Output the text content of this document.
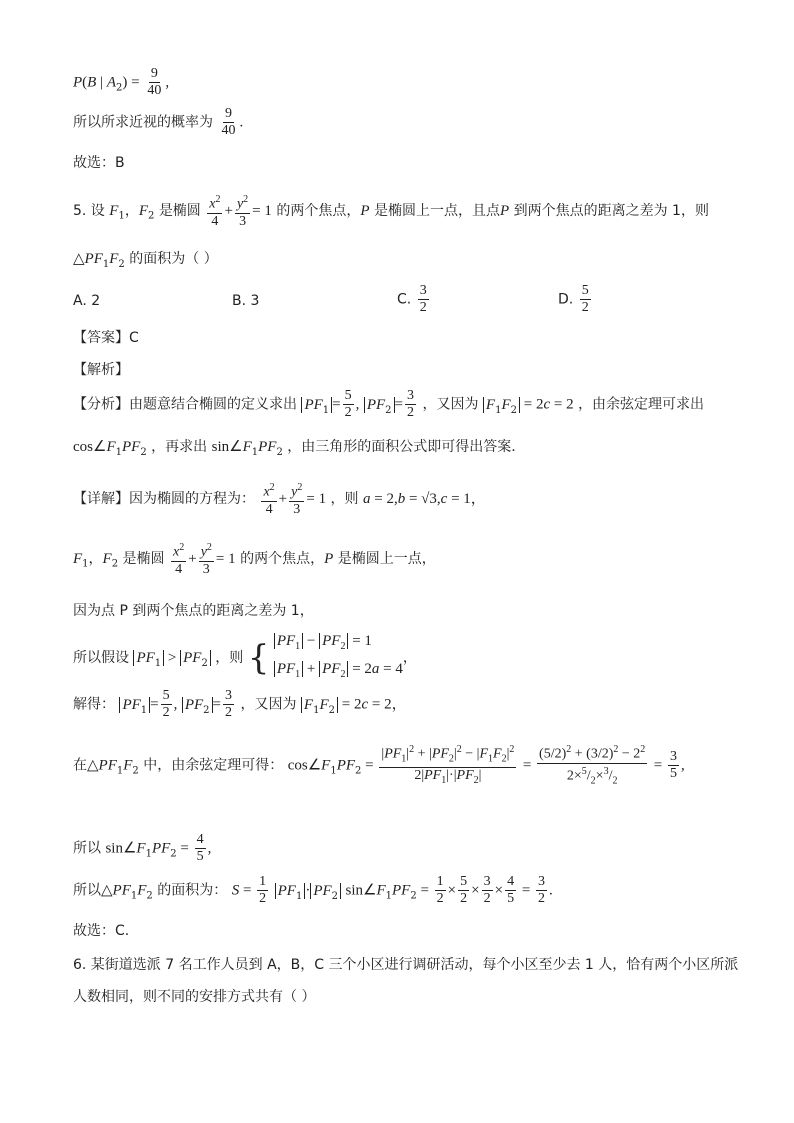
P(B | $A_2) = \frac{9}{40}$ ,
所以所求近视的概率为 $\frac{9}{40}$ .
故选：B
5. 设 $F_1$，$F_2$ 是椭圆 $\frac{x^2}{4} + \frac{y^2}{3} = 1$ 的两个焦点，P 是椭圆上一点，且点P 到两个焦点的距离之差为 1，则
$\triangle PF_1F_2$ 的面积为（ ）
A. 2	B. 3	C. $\frac{3}{2}$	D. $\frac{5}{2}$
【答案】C
【解析】
【分析】由题意结合椭圆的定义求出 $PF_1 = \frac{5}{2}$ , $PF_2 = \frac{3}{2}$ ，又因为 $F_1F_2 = 2c = 2$ ，由余弦定理可求出
$\cos\angle F_1PF_2$ ，再求出 $\sin\angle F_1PF_2$ ，由三角形的面积公式即可得出答案.
【详解】因为椭圆的方程为： $\frac{x^2}{4} + \frac{y^2}{3} = 1$ ，则 a = 2,b = √3,c = 1，
$F_1$，$F_2$ 是椭圆 $\frac{x^2}{4} + \frac{y^2}{3} = 1$ 的两个焦点，P 是椭圆上一点，
因为点 P 到两个焦点的距离之差为 1，
所以假设 $PF_1 > PF_2$ ，则 { $PF_1 - PF_2 = 1$
$PF_1 + PF_2 = 2a = 4$
，
解得： $PF_1 = \frac{5}{2}$ , $PF_2 = \frac{3}{2}$ ，又因为 $F_1F_2 = 2c = 2$，
在$\triangle PF_1F_2$ 中，由余弦定理可得： $\cos\angle F_1PF_2 = \frac{|PF_1|^2 + |PF_2|^2 - |F_1F_2|^2}{2|PF_1|\cdot|PF_2|} = \frac{(5/2)^2 + (3/2)^2 - 2^2}{2\times^5/_2\times^3/_2} = \frac{3}{5}$ ,
所以 $\sin\angle F_1PF_2 = \frac{4}{5}$ ,
所以$\triangle PF_1F_2$ 的面积为： $S = \frac{1}{2} PF_1 \cdot PF_2$ $\sin\angle F_1PF_2 = \frac{1}{2} \times \frac{5}{2} \times \frac{3}{2} \times \frac{4}{5} = \frac{3}{2}$ .
故选：C.
6. 某街道选派 7 名工作人员到 A，B，C 三个小区进行调研活动，每个小区至少去 1 人，恰有两个小区所派
人数相同，则不同的安排方式共有（ ）
